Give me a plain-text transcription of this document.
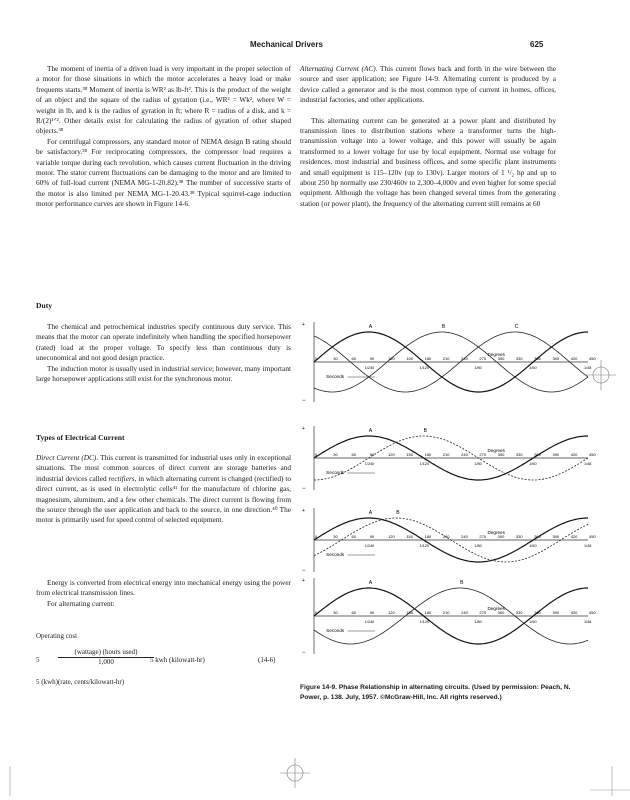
Mechanical Drivers	625

The moment of inertia of a driven load is very important in the proper selection of a motor for those situations in which the motor accelerates a heavy load or make frequents starts.³⁸ Moment of inertia is WR² as lb-ft². This is the product of the weight of an object and the square of the radius of gyration (i.e., WR² = Wk², where W = weight in lb, and k is the radius of gyration in ft; where R = radius of a disk, and k = R/(2)¹ᐟ². Other details exist for calculating the radius of gyration of other shaped objects.³⁸

For centrifugal compressors, any standard motor of NEMA design B rating should be satisfactory.³⁸ For reciprocating compressors, the compressor load requires a variable torque during each revolution, which causes current fluctuation in the driving motor. The stator current fluctuations can be damaging to the motor and are limited to 60% of full-load current (NEMA MG-1-20.82).³⁸ The number of successive starts of the motor is also limited per NEMA MG-1-20.43.³⁸ Typical squirrel-cage induction motor performance curves are shown in Figure 14-6.

Alternating Current (AC). This current flows back and forth in the wire between the source and user application; see Figure 14-9. Alternating current is produced by a device called a generator and is the most common type of current in homes, offices, industrial factories, and other applications.

This alternating current can be generated at a power plant and distributed by transmission lines to distribution stations where a transformer turns the high-transmission voltage into a lower voltage, and this power will usually be again transformed to a lower voltage for use by local equipment. Normal use voltage for residences, most industrial and business offices, and some specific plant instruments and small equipment is 115–120v (up to 130v). Larger motors of 1 ¹/₂ hp and up to about 250 hp normally use 230/460v to 2,300–4,000v and even higher for some special equipment. Although the voltage has been changed several times from the generating station (or power plant), the frequency of the alternating current still remains at 60

Duty

The chemical and petrochemical industries specify continuous duty service. This means that the motor can operate indefinitely when handling the specified horsepower (rated) load at the proper voltage. To specify less than continuous duty is uneconomical and not good design practice.

The induction motor is usually used in industrial service; however, many important large horsepower applications still exist for the synchronous motor.

Types of Electrical Current

Direct Current (DC). This current is transmitted for industrial uses only in exceptional situations. The most common sources of direct current are storage batteries and industrial devices called rectifiers, in which alternating current is changed (rectified) to direct current, as is used in electrolytic cells⁴¹ for the manufacture of chlorine gas, magnesium, aluminum, and a few other chemicals. The direct current is flowing from the source through the user application and back to the source, in one direction.⁴⁰ The motor is primarily used for speed control of selected equipment.

Energy is converted from electrical energy into mechanical energy using the power from electrical transmission lines.

For alternating current:

Operating cost
5
(wattage) (hours used)
1,000	5 kwh (kilowatt-hr)	(14-6)
5 (kwh)(rate, cents/kilowatt-hr)
+
−
A	B	C
0	30	60	90	120	150	180	210	240	270	300	330	360	390	420	450
1/240	1/120	1/80	1/60	1/48
Degrees
Seconds
+
−
A	B
0	30	60	90	120	150	180	210	240	270	300	330	360	390	420	450
1/240	1/120	1/80	1/60	1/48
Degrees
Seconds
+
−
A	B
0	30	60	90	120	150	180	210	240	270	300	330	360	390	420	450
1/240	1/120	1/80	1/60	1/48
Degrees
Seconds
+
−
A	B
0	30	60	90	120	150	180	210	240	270	300	330	360	390	420	450
1/240	1/120	1/80	1/60	1/48
Degrees
Seconds
Figure 14-9. Phase Relationship in alternating circuits. (Used by permission: Peach, N. Power, p. 138. July, 1957. ©McGraw-Hill, Inc. All rights reserved.)
